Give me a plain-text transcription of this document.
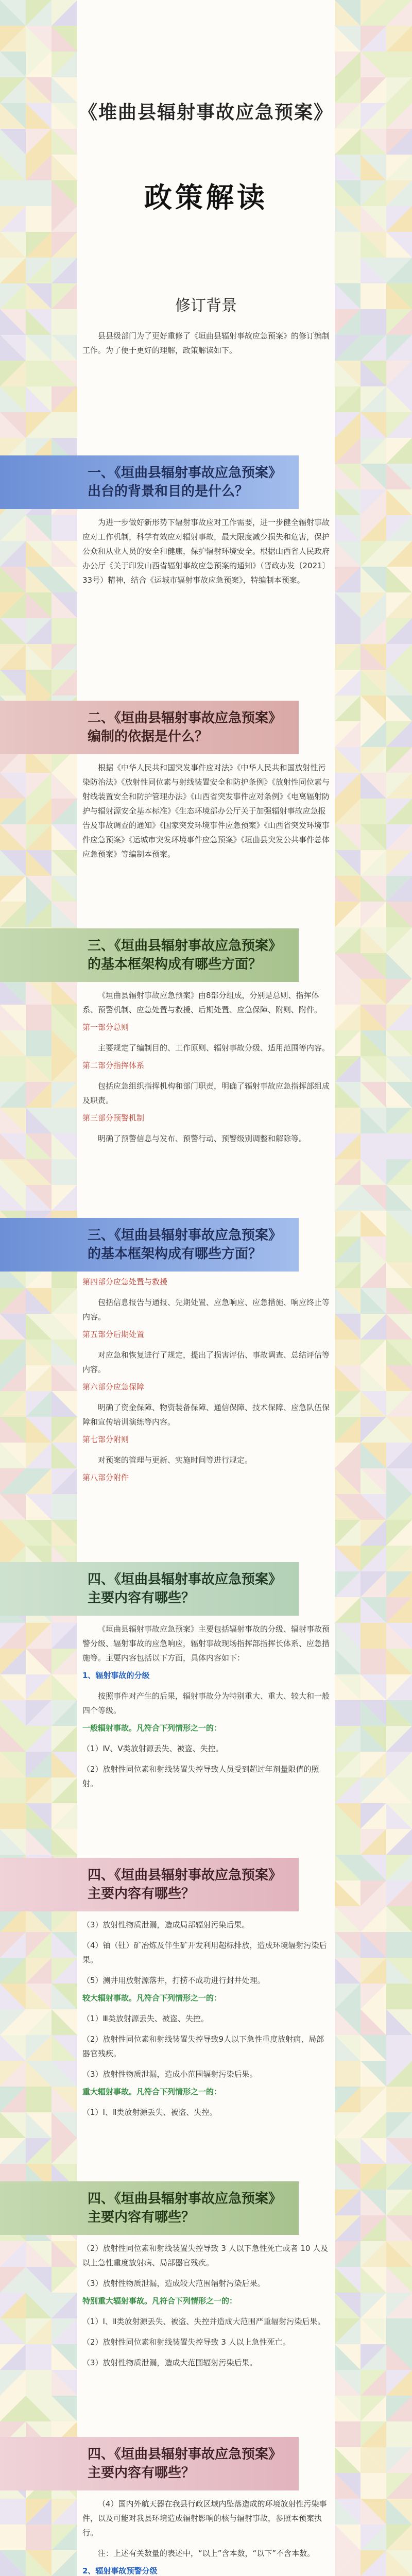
《堆曲县辐射事故应急预案》
政策解读
修订背景

县县级部门为了更好重修了《垣曲县辐射事故应急预案》的修订编制工作。为了便于更好的理解，政策解读如下。

一、《垣曲县辐射事故应急预案》出台的背景和目的是什么？

为进一步做好新形势下辐射事故应对工作需要，进一步健全辐射事故应对工作机制，科学有效应对辐射事故，最大限度减少损失和危害，保护公众和从业人员的安全和健康，保护辐射环境安全。根据山西省人民政府办公厅《关于印发山西省辐射事故应急预案的通知》（晋政办发〔2021〕33号）精神，结合《运城市辐射事故应急预案》，特编制本预案。

二、《垣曲县辐射事故应急预案》编制的依据是什么？

根据《中华人民共和国突发事件应对法》《中华人民共和国放射性污染防治法》《放射性同位素与射线装置安全和防护条例》《放射性同位素与射线装置安全和防护管理办法》《山西省突发事件应对条例》《电离辐射防护与辐射源安全基本标准》《生态环境部办公厅关于加强辐射事故应急报告及事故调查的通知》《国家突发环境事件应急预案》《山西省突发环境事件应急预案》《运城市突发环境事件应急预案》《垣曲县突发公共事件总体应急预案》等编制本预案。

三、《垣曲县辐射事故应急预案》的基本框架构成有哪些方面？

《垣曲县辐射事故应急预案》由8部分组成，分别是总则、指挥体系、预警机制、应急处置与救援、后期处置、应急保障、附则、附件。

第一部分总则

主要规定了编制目的、工作原则、辐射事故分级、适用范围等内容。

第二部分指挥体系

包括应急组织指挥机构和部门职责，明确了辐射事故应急指挥部组成及职责。

第三部分预警机制

明确了预警信息与发布、预警行动、预警级别调整和解除等。

三、《垣曲县辐射事故应急预案》的基本框架构成有哪些方面？
第四部分应急处置与救援

包括信息报告与通报、先期处置、应急响应、应急措施、响应终止等内容。

第五部分后期处置

对应急和恢复进行了规定，提出了损害评估、事故调查、总结评估等内容。

第六部分应急保障

明确了资金保障、物资装备保障、通信保障、技术保障、应急队伍保障和宣传培训演练等内容。

第七部分附则

对预案的管理与更新、实施时间等进行规定。

第八部分附件
四、《垣曲县辐射事故应急预案》主要内容有哪些？

《垣曲县辐射事故应急预案》主要包括辐射事故的分级、辐射事故预警分级、辐射事故的应急响应，辐射事故现场指挥部指挥长体系、应急措施等。主要内容包括以下方面，具体内容如下：

1、辐射事故的分级

按照事件对产生的后果，辐射事故分为特别重大、重大、较大和一般四个等级。

一般辐射事故。凡符合下列情形之一的：

（1）Ⅳ、Ⅴ类放射源丢失、被盗、失控。

（2）放射性同位素和射线装置失控导致人员受到超过年剂量限值的照射。

四、《垣曲县辐射事故应急预案》主要内容有哪些？

（3）放射性物质泄漏，造成局部辐射污染后果。

（4）铀（钍）矿冶炼及伴生矿开发利用超标排放，造成环境辐射污染后果。

（5）测井用放射源落井，打捞不成功进行封井处理。

较大辐射事故。凡符合下列情形之一的：

（1）Ⅲ类放射源丢失、被盗、失控。

（2）放射性同位素和射线装置失控导致9人以下急性重度放射病、局部器官残疾。

（3）放射性物质泄漏，造成小范围辐射污染后果。

重大辐射事故。凡符合下列情形之一的：

（1）Ⅰ、Ⅱ类放射源丢失、被盗、失控。

四、《垣曲县辐射事故应急预案》主要内容有哪些？

（2）放射性同位素和射线装置失控导致 3 人以下急性死亡或者 10 人及以上急性重度放射病、局部器官残疾。

（3）放射性物质泄漏，造成较大范围辐射污染后果。

特别重大辐射事故。凡符合下列情形之一的：

（1）Ⅰ、Ⅱ类放射源丢失、被盗、失控并造成大范围严重辐射污染后果。

（2）放射性同位素和射线装置失控导致 3 人以上急性死亡。

（3）放射性物质泄漏，造成大范围辐射污染后果。

四、《垣曲县辐射事故应急预案》主要内容有哪些？

（4）国内外航天器在我县行政区域内坠落造成的环境放射性污染事件，以及可能对我县环境造成辐射影响的核与辐射事故，参照本预案执行。

注：上述有关数量的表述中，“以上”含本数，“以下”不含本数。

2、辐射事故预警分级
